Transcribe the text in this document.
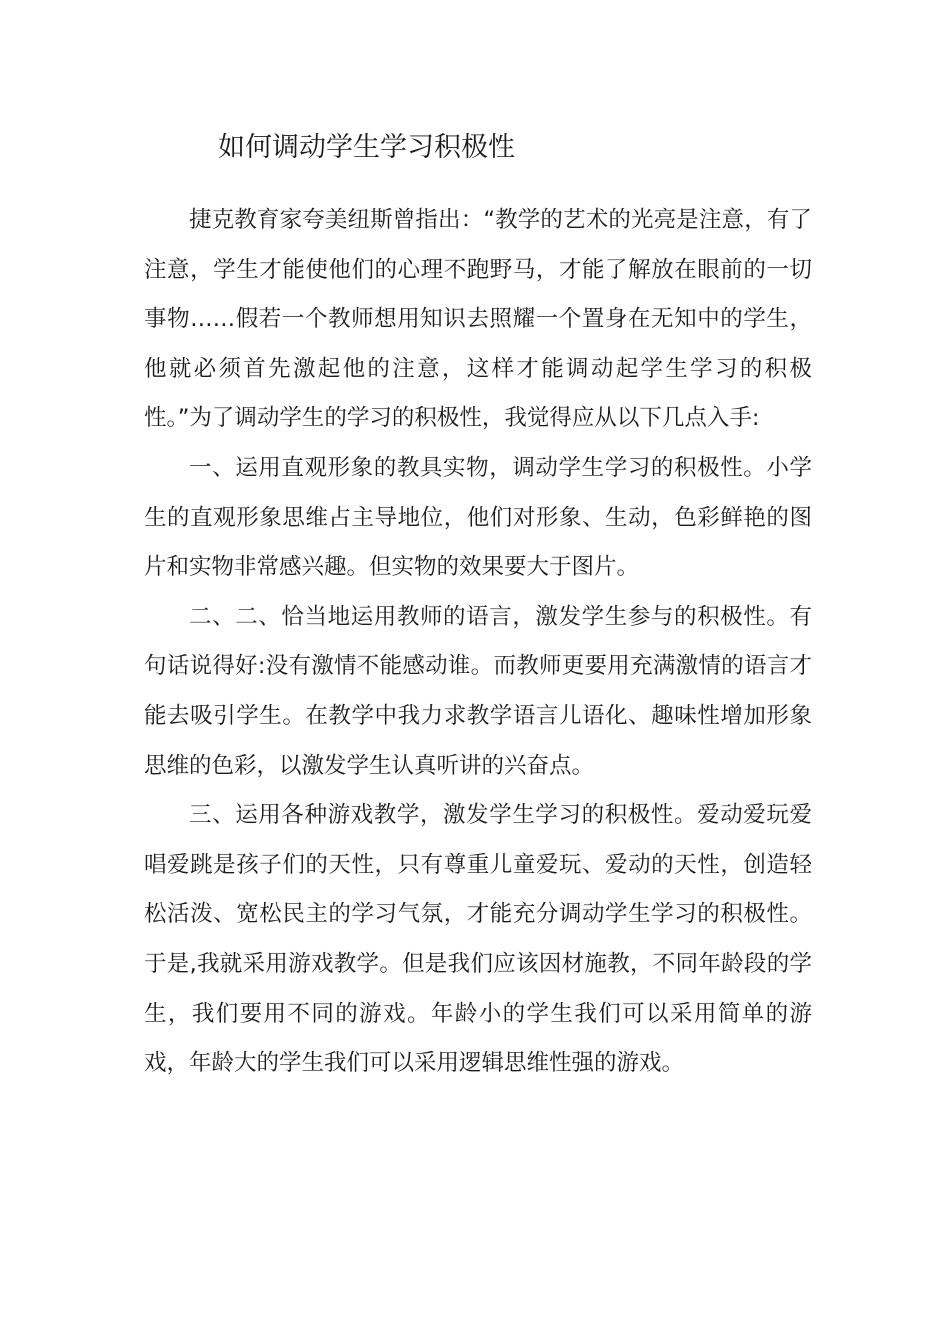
如何调动学生学习积极性

捷克教育家夸美纽斯曾指出：“教学的艺术的光亮是注意，有了注意，学生才能使他们的心理不跑野马，才能了解放在眼前的一切事物……假若一个教师想用知识去照耀一个置身在无知中的学生，他就必须首先激起他的注意，这样才能调动起学生学习的积极性。”为了调动学生的学习的积极性，我觉得应从以下几点入手:

一、运用直观形象的教具实物，调动学生学习的积极性。小学生的直观形象思维占主导地位，他们对形象、生动，色彩鲜艳的图片和实物非常感兴趣。但实物的效果要大于图片。

二、二、恰当地运用教师的语言，激发学生参与的积极性。有句话说得好:没有激情不能感动谁。而教师更要用充满激情的语言才能去吸引学生。在教学中我力求教学语言儿语化、趣味性增加形象思维的色彩，以激发学生认真听讲的兴奋点。

三、运用各种游戏教学，激发学生学习的积极性。爱动爱玩爱唱爱跳是孩子们的天性，只有尊重儿童爱玩、爱动的天性，创造轻松活泼、宽松民主的学习气氛，才能充分调动学生学习的积极性。于是,我就采用游戏教学。但是我们应该因材施教，不同年龄段的学生，我们要用不同的游戏。年龄小的学生我们可以采用简单的游戏，年龄大的学生我们可以采用逻辑思维性强的游戏。
